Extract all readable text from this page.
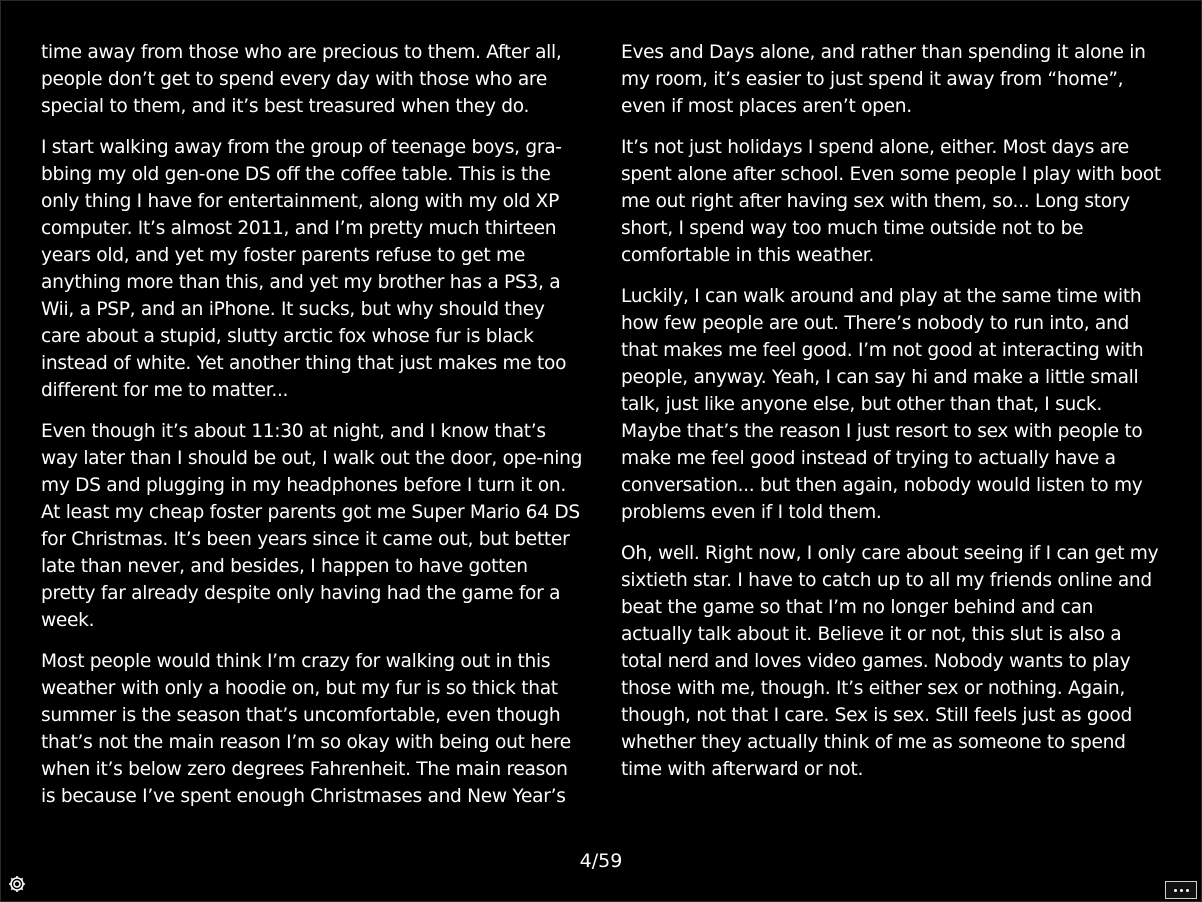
time away from those who are precious to them. After all, people don’t get to spend every day with those who are special to them, and it’s best treasured when they do.

I start walking away from the group of teenage boys, gra-bbing my old gen-one DS off the coffee table. This is the only thing I have for entertainment, along with my old XP computer. It’s almost 2011, and I’m pretty much thirteen years old, and yet my foster parents refuse to get me anything more than this, and yet my brother has a PS3, a Wii, a PSP, and an iPhone. It sucks, but why should they care about a stupid, slutty arctic fox whose fur is black instead of white. Yet another thing that just makes me too different for me to matter...

Even though it’s about 11:30 at night, and I know that’s way later than I should be out, I walk out the door, ope-ning my DS and plugging in my headphones before I turn it on. At least my cheap foster parents got me Super Mario 64 DS for Christmas. It’s been years since it came out, but better late than never, and besides, I happen to have gotten pretty far already despite only having had the game for a week.

Most people would think I’m crazy for walking out in this weather with only a hoodie on, but my fur is so thick that summer is the season that’s uncomfortable, even though that’s not the main reason I’m so okay with being out here when it’s below zero degrees Fahrenheit. The main reason is because I’ve spent enough Christmases and New Year’s

Eves and Days alone, and rather than spending it alone in my room, it’s easier to just spend it away from “home”, even if most places aren’t open.

It’s not just holidays I spend alone, either. Most days are spent alone after school. Even some people I play with boot me out right after having sex with them, so... Long story short, I spend way too much time outside not to be comfortable in this weather.

Luckily, I can walk around and play at the same time with how few people are out. There’s nobody to run into, and that makes me feel good. I’m not good at interacting with people, anyway. Yeah, I can say hi and make a little small talk, just like anyone else, but other than that, I suck. Maybe that’s the reason I just resort to sex with people to make me feel good instead of trying to actually have a conversation... but then again, nobody would listen to my problems even if I told them.

Oh, well. Right now, I only care about seeing if I can get my sixtieth star. I have to catch up to all my friends online and beat the game so that I’m no longer behind and can actually talk about it. Believe it or not, this slut is also a total nerd and loves video games. Nobody wants to play those with me, though. It’s either sex or nothing. Again, though, not that I care. Sex is sex. Still feels just as good whether they actually think of me as someone to spend time with afterward or not.

4/59
